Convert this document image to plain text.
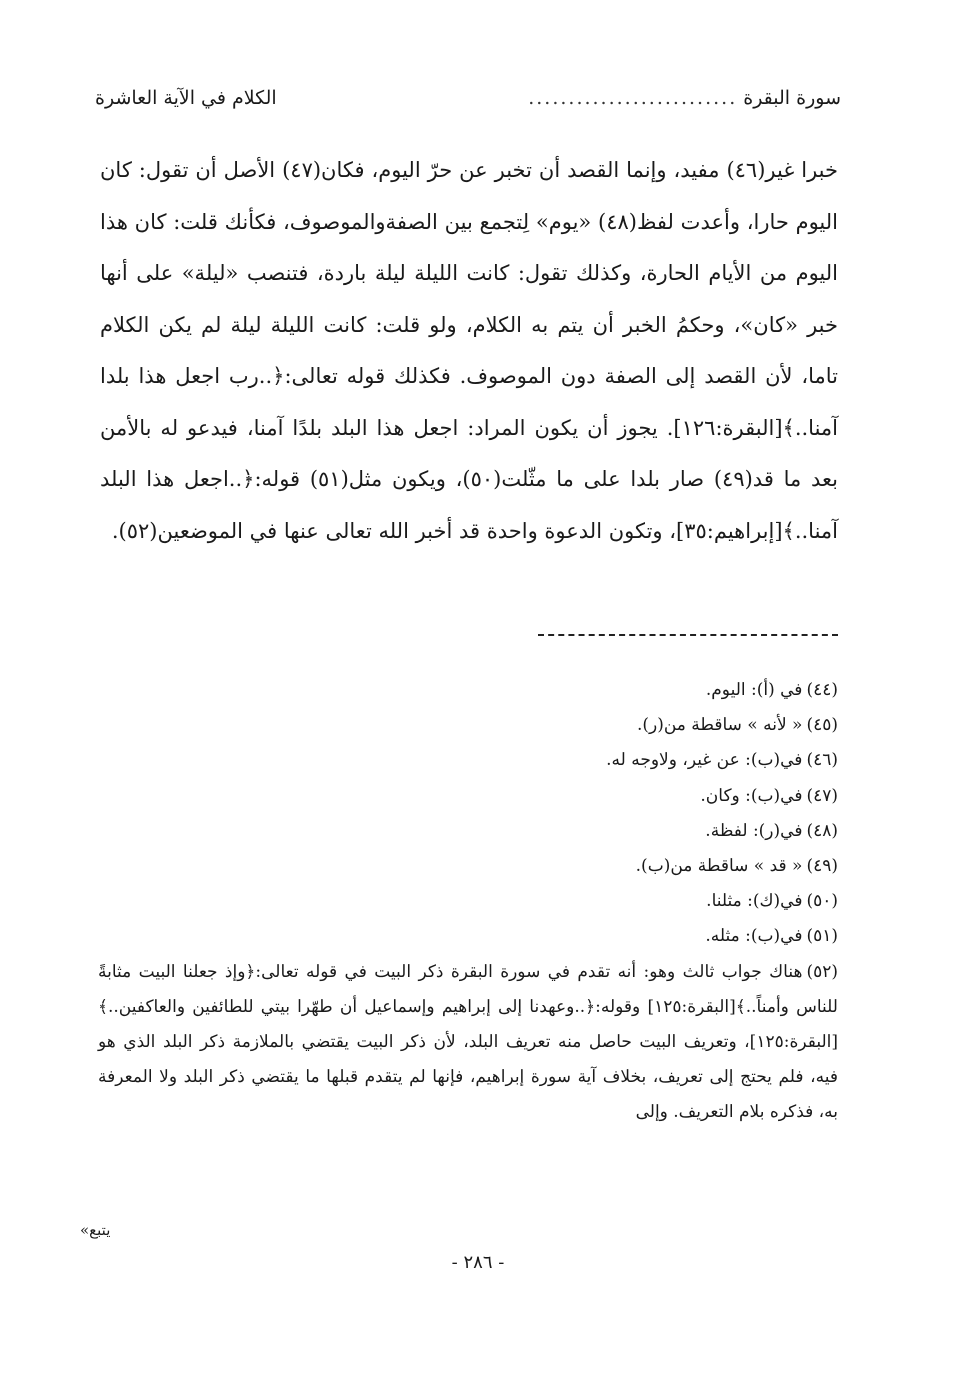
سورة البقرة
..........................
الكلام في الآية العاشرة

خبرا غير(٤٦) مفيد، وإنما القصد أن تخبر عن حرّ اليوم، فكان(٤٧) الأصل أن تقول: كان اليوم حارا، وأعدت لفظ(٤٨) «يوم» لِتجمع بين الصفةوالموصوف، فكأنك قلت: كان هذا اليوم من الأيام الحارة، وكذلك تقول: كانت الليلة ليلة باردة، فتنصب «ليلة» على أنها خبر «كان»، وحكمُ الخبر أن يتم به الكلام، ولو قلت: كانت الليلة ليلة لم يكن الكلام تاما، لأن القصد إلى الصفة دون الموصوف. فكذلك قوله تعالى:﴿..رب اجعل هذا بلدا آمنا..﴾[البقرة:١٢٦]. يجوز أن يكون المراد: اجعل هذا البلد بلدًا آمنا، فيدعو له بالأمن بعد ما قد(٤٩) صار بلدا على ما مثّلت(٥٠)، ويكون مثل(٥١) قوله:﴿..اجعل هذا البلد آمنا..﴾[إبراهيم:٣٥]، وتكون الدعوة واحدة قد أخبر الله تعالى عنها في الموضعين(٥٢).

(٤٤)في (أ): اليوم.

(٤٥)« لأنه » ساقطة من(ر).

(٤٦)في(ب): عن غير، ولاوجه له.

(٤٧)في(ب): وكان.

(٤٨)في(ر): لفظة.

(٤٩)« قد » ساقطة من(ب).

(٥٠)في(ك): مثلنا.

(٥١)في(ب): مثله.

(٥٢)هناك جواب ثالث وهو: أنه تقدم في سورة البقرة ذكر البيت في قوله تعالى:﴿وإذ جعلنا البيت مثابةً للناس وأمناً..﴾[البقرة:١٢٥] وقوله:﴿..وعهدنا إلى إبراهيم وإسماعيل أن طهّرا بيتي للطائفين والعاكفين..﴾[البقرة:١٢٥]، وتعريف البيت حاصل منه تعريف البلد، لأن ذكر البيت يقتضي بالملازمة ذكر البلد الذي هو فيه، فلم يحتج إلى تعريف، بخلاف آية سورة إبراهيم، فإنها لم يتقدم قبلها ما يقتضي ذكر البلد ولا المعرفة به، فذكره بلام التعريف. وإلى

يتبع»
- ٢٨٦ -
